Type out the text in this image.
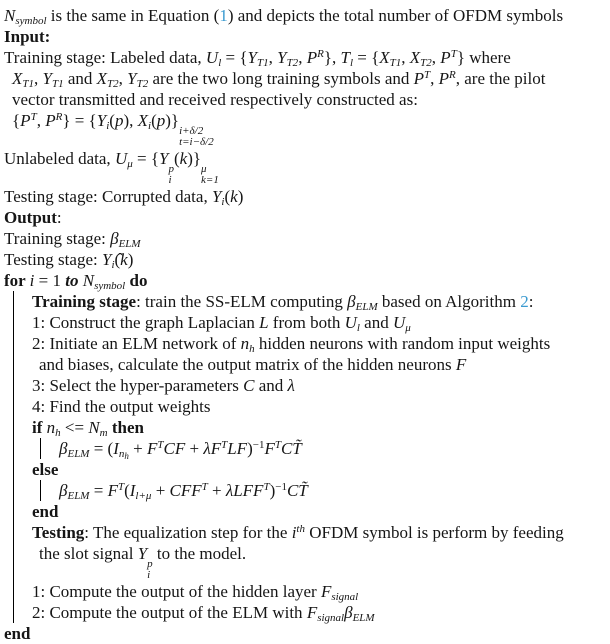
$N_{symbol}$ is the same in Equation (1) and depicts the total number of OFDM symbols
Input:
Training stage: Labeled data, $U_l = \{Y_{T1}$, $Y_{T2}$, $P^R$}, $T_l = \{X_{T1}$, $X_{T2}$, $P^T$} where
$X_{T1}$, $Y_{T1}$ and $X_{T2}$, $Y_{T2}$ are the two long training symbols and $P^T$, $P^R$, are the pilot
vector transmitted and received respectively constructed as:
{$P^T$, $P^R\} = \{Y_i(p)$, $X_i(p)$}
i+δ/2
t=i−δ/2
Unlabeled data, $U_\mu = \{Y$
p
i
(k)}
μ
k=1
Testing stage: Corrupted data, $Y_i(k)$
Output:
Training stage: $\beta_{ELM}$
Testing stage: $Y_i(̂k)$
for i = 1 to $N_{symbol}$ do
Training stage: train the SS-ELM computing $\beta_{ELM}$ based on Algorithm 2:
1: Construct the graph Laplacian L from both $U_l$ and $U_\mu$
2: Initiate an ELM network of $n_h$ hidden neurons with random input weights
and biases, calculate the output matrix of the hidden neurons F
3: Select the hyper-parameters C and λ
4: Find the output weights
if $n_h <= N_m$ then
$\beta_{ELM} = (I_{nh} + F^TCF$ + $\lambda F^TLF)^{-1}F^TCT̃$
else
$\beta_{ELM} = F^T(I_{l+\mu} + CFF^T$ + $\lambda LFF^T)^{-1}CT̃$
end
Testing: The equalization step for the $i^{th}$ OFDM symbol is perform by feeding
the slot signal Y
p
i
to the model.
1: Compute the output of the hidden layer $F_{signal}$
2: Compute the output of the ELM with $F_{signal}\beta_{ELM}$
end
